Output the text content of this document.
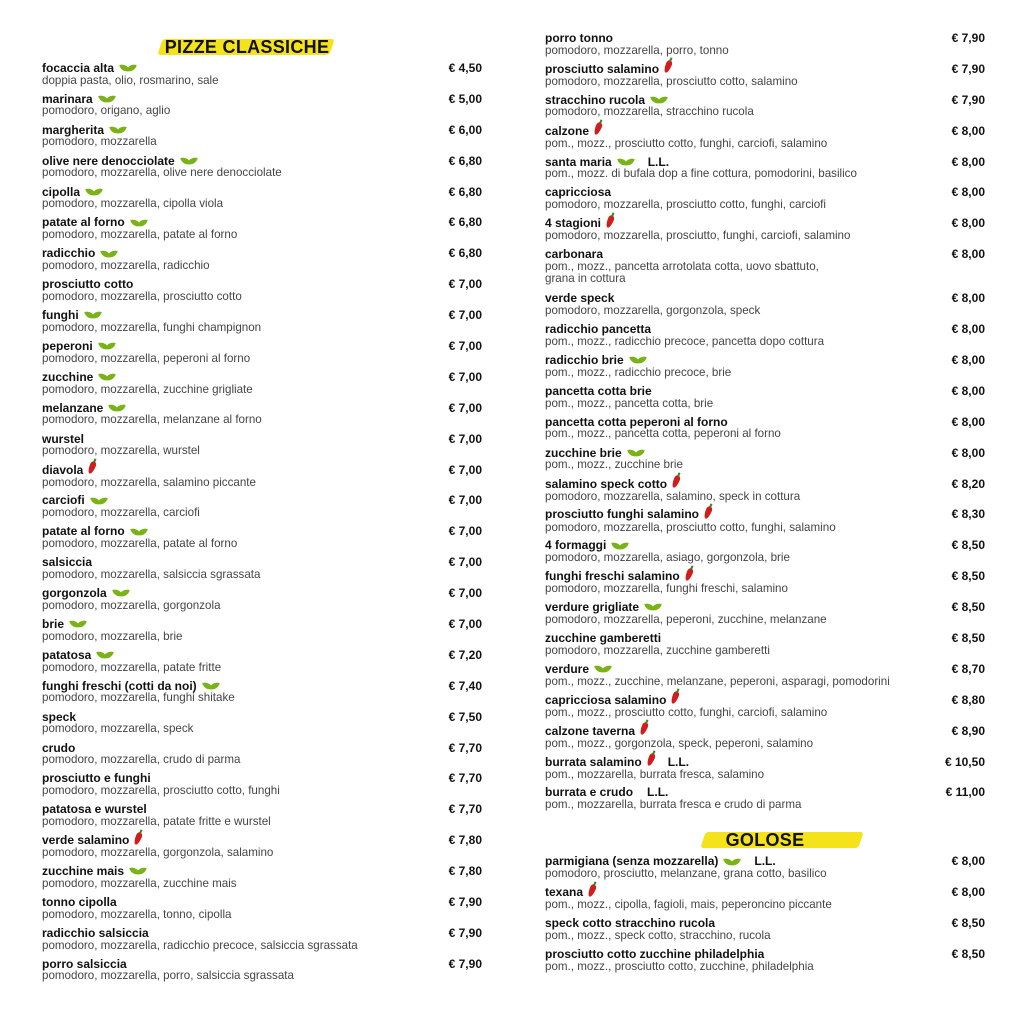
PIZZE CLASSICHE
focaccia alta	€ 4,50
doppia pasta, olio, rosmarino, sale
marinara	€ 5,00
pomodoro, origano, aglio
margherita	€ 6,00
pomodoro, mozzarella
olive nere denocciolate	€ 6,80
pomodoro, mozzarella, olive nere denocciolate
cipolla	€ 6,80
pomodoro, mozzarella, cipolla viola
patate al forno	€ 6,80
pomodoro, mozzarella, patate al forno
radicchio	€ 6,80
pomodoro, mozzarella, radicchio
prosciutto cotto	€ 7,00
pomodoro, mozzarella, prosciutto cotto
funghi	€ 7,00
pomodoro, mozzarella, funghi champignon
peperoni	€ 7,00
pomodoro, mozzarella, peperoni al forno
zucchine	€ 7,00
pomodoro, mozzarella, zucchine grigliate
melanzane	€ 7,00
pomodoro, mozzarella, melanzane al forno
wurstel	€ 7,00
pomodoro, mozzarella, wurstel
diavola	€ 7,00
pomodoro, mozzarella, salamino piccante
carciofi	€ 7,00
pomodoro, mozzarella, carciofi
patate al forno	€ 7,00
pomodoro, mozzarella, patate al forno
salsiccia	€ 7,00
pomodoro, mozzarella, salsiccia sgrassata
gorgonzola	€ 7,00
pomodoro, mozzarella, gorgonzola
brie	€ 7,00
pomodoro, mozzarella, brie
patatosa	€ 7,20
pomodoro, mozzarella, patate fritte
funghi freschi (cotti da noi)	€ 7,40
pomodoro, mozzarella, funghi shitake
speck	€ 7,50
pomodoro, mozzarella, speck
crudo	€ 7,70
pomodoro, mozzarella, crudo di parma
prosciutto e funghi	€ 7,70
pomodoro, mozzarella, prosciutto cotto, funghi
patatosa e wurstel	€ 7,70
pomodoro, mozzarella, patate fritte e wurstel
verde salamino	€ 7,80
pomodoro, mozzarella, gorgonzola, salamino
zucchine mais	€ 7,80
pomodoro, mozzarella, zucchine mais
tonno cipolla	€ 7,90
pomodoro, mozzarella, tonno, cipolla
radicchio salsiccia	€ 7,90
pomodoro, mozzarella, radicchio precoce, salsiccia sgrassata
porro salsiccia	€ 7,90
pomodoro, mozzarella, porro, salsiccia sgrassata
porro tonno	€ 7,90
pomodoro, mozzarella, porro, tonno
prosciutto salamino	€ 7,90
pomodoro, mozzarella, prosciutto cotto, salamino
stracchino rucola	€ 7,90
pomodoro, mozzarella, stracchino rucola
calzone	€ 8,00
pom., mozz., prosciutto cotto, funghi, carciofi, salamino
santa maria	L.L.	€ 8,00
pom., mozz. di bufala dop a fine cottura, pomodorini, basilico
capricciosa	€ 8,00
pomodoro, mozzarella, prosciutto cotto, funghi, carciofi
4 stagioni	€ 8,00
pomodoro, mozzarella, prosciutto, funghi, carciofi, salamino
carbonara	€ 8,00
pom., mozz., pancetta arrotolata cotta, uovo sbattuto,
grana in cottura
verde speck	€ 8,00
pomodoro, mozzarella, gorgonzola, speck
radicchio pancetta	€ 8,00
pom., mozz., radicchio precoce, pancetta dopo cottura
radicchio brie	€ 8,00
pom., mozz., radicchio precoce, brie
pancetta cotta brie	€ 8,00
pom., mozz., pancetta cotta, brie
pancetta cotta peperoni al forno	€ 8,00
pom., mozz., pancetta cotta, peperoni al forno
zucchine brie	€ 8,00
pom., mozz., zucchine brie
salamino speck cotto	€ 8,20
pomodoro, mozzarella, salamino, speck in cottura
prosciutto funghi salamino	€ 8,30
pomodoro, mozzarella, prosciutto cotto, funghi, salamino
4 formaggi	€ 8,50
pomodoro, mozzarella, asiago, gorgonzola, brie
funghi freschi salamino	€ 8,50
pomodoro, mozzarella, funghi freschi, salamino
verdure grigliate	€ 8,50
pomodoro, mozzarella, peperoni, zucchine, melanzane
zucchine gamberetti	€ 8,50
pomodoro, mozzarella, zucchine gamberetti
verdure	€ 8,70
pom., mozz., zucchine, melanzane, peperoni, asparagi, pomodorini
capricciosa salamino	€ 8,80
pom., mozz., prosciutto cotto, funghi, carciofi, salamino
calzone taverna	€ 8,90
pom., mozz., gorgonzola, speck, peperoni, salamino
burrata salamino L.L.	€ 10,50
pom., mozzarella, burrata fresca, salamino
burrata e crudo L.L.	€ 11,00
pom., mozzarella, burrata fresca e crudo di parma
GOLOSE
parmigiana (senza mozzarella)	L.L.	€ 8,00
pomodoro, prosciutto, melanzane, grana cotto, basilico
texana	€ 8,00
pom., mozz., cipolla, fagioli, mais, peperoncino piccante
speck cotto stracchino rucola	€ 8,50
pom., mozz., speck cotto, stracchino, rucola
prosciutto cotto zucchine philadelphia	€ 8,50
pom., mozz., prosciutto cotto, zucchine, philadelphia
